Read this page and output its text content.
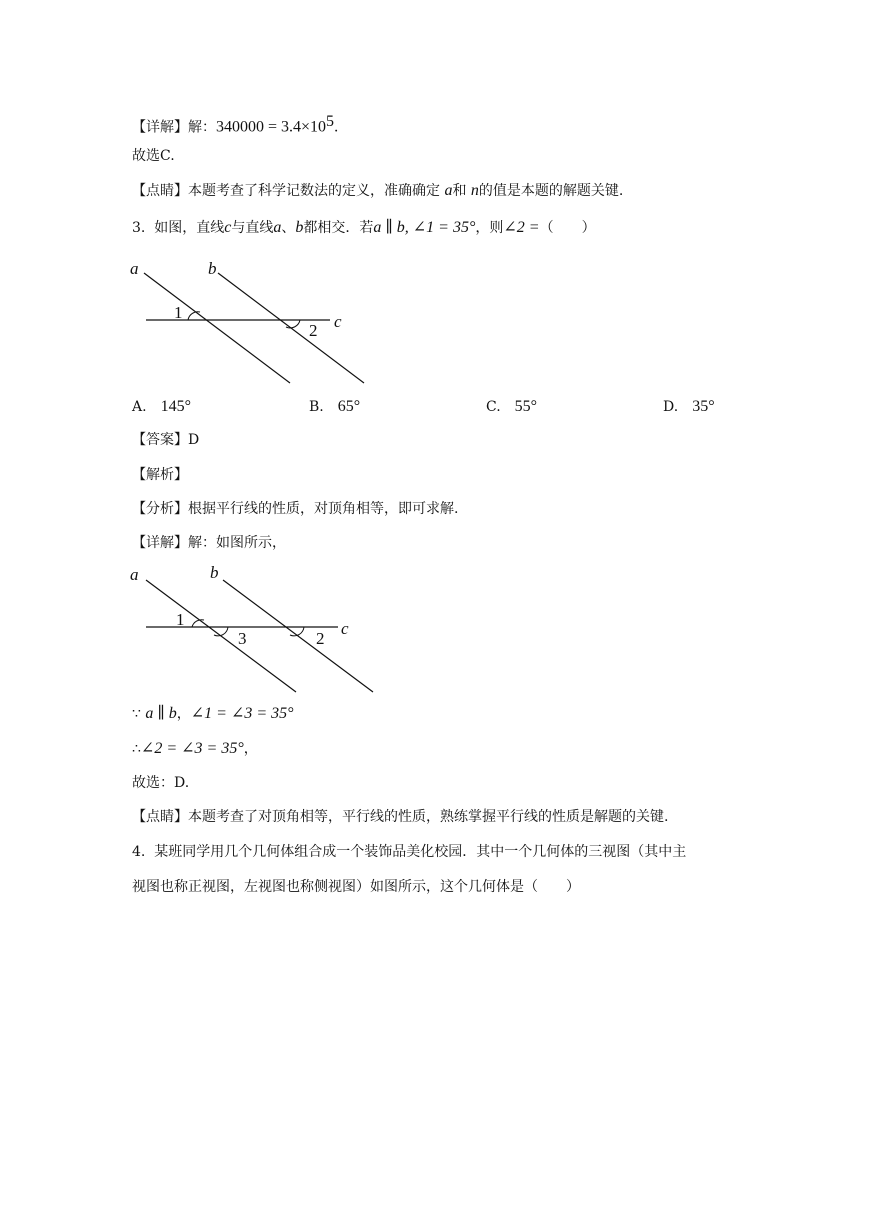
【详解】解：$340000 = 3.4\times 10^5$．
故选C.
【点睛】本题考查了科学记数法的定义，准确确定 a和 n的值是本题的解题关键.
3. 如图，直线c与直线a、b都相交．若a ∥ b, ∠1 = 35°，则∠2 =（　　）
a	b
c
1
2
A. 145°	B. 65°	C. 55°	D. 35°
【答案】D
【解析】
【分析】根据平行线的性质，对顶角相等，即可求解.
【详解】解：如图所示，
a	b
c
1
3	2
∵ a ∥ b，∠1 = ∠3 = 35°
∴∠2 = ∠3 = 35°，
故选：D.
【点睛】本题考查了对顶角相等，平行线的性质，熟练掌握平行线的性质是解题的关键.
4. 某班同学用几个几何体组合成一个装饰品美化校园．其中一个几何体的三视图（其中主
视图也称正视图，左视图也称侧视图）如图所示，这个几何体是（　　）
